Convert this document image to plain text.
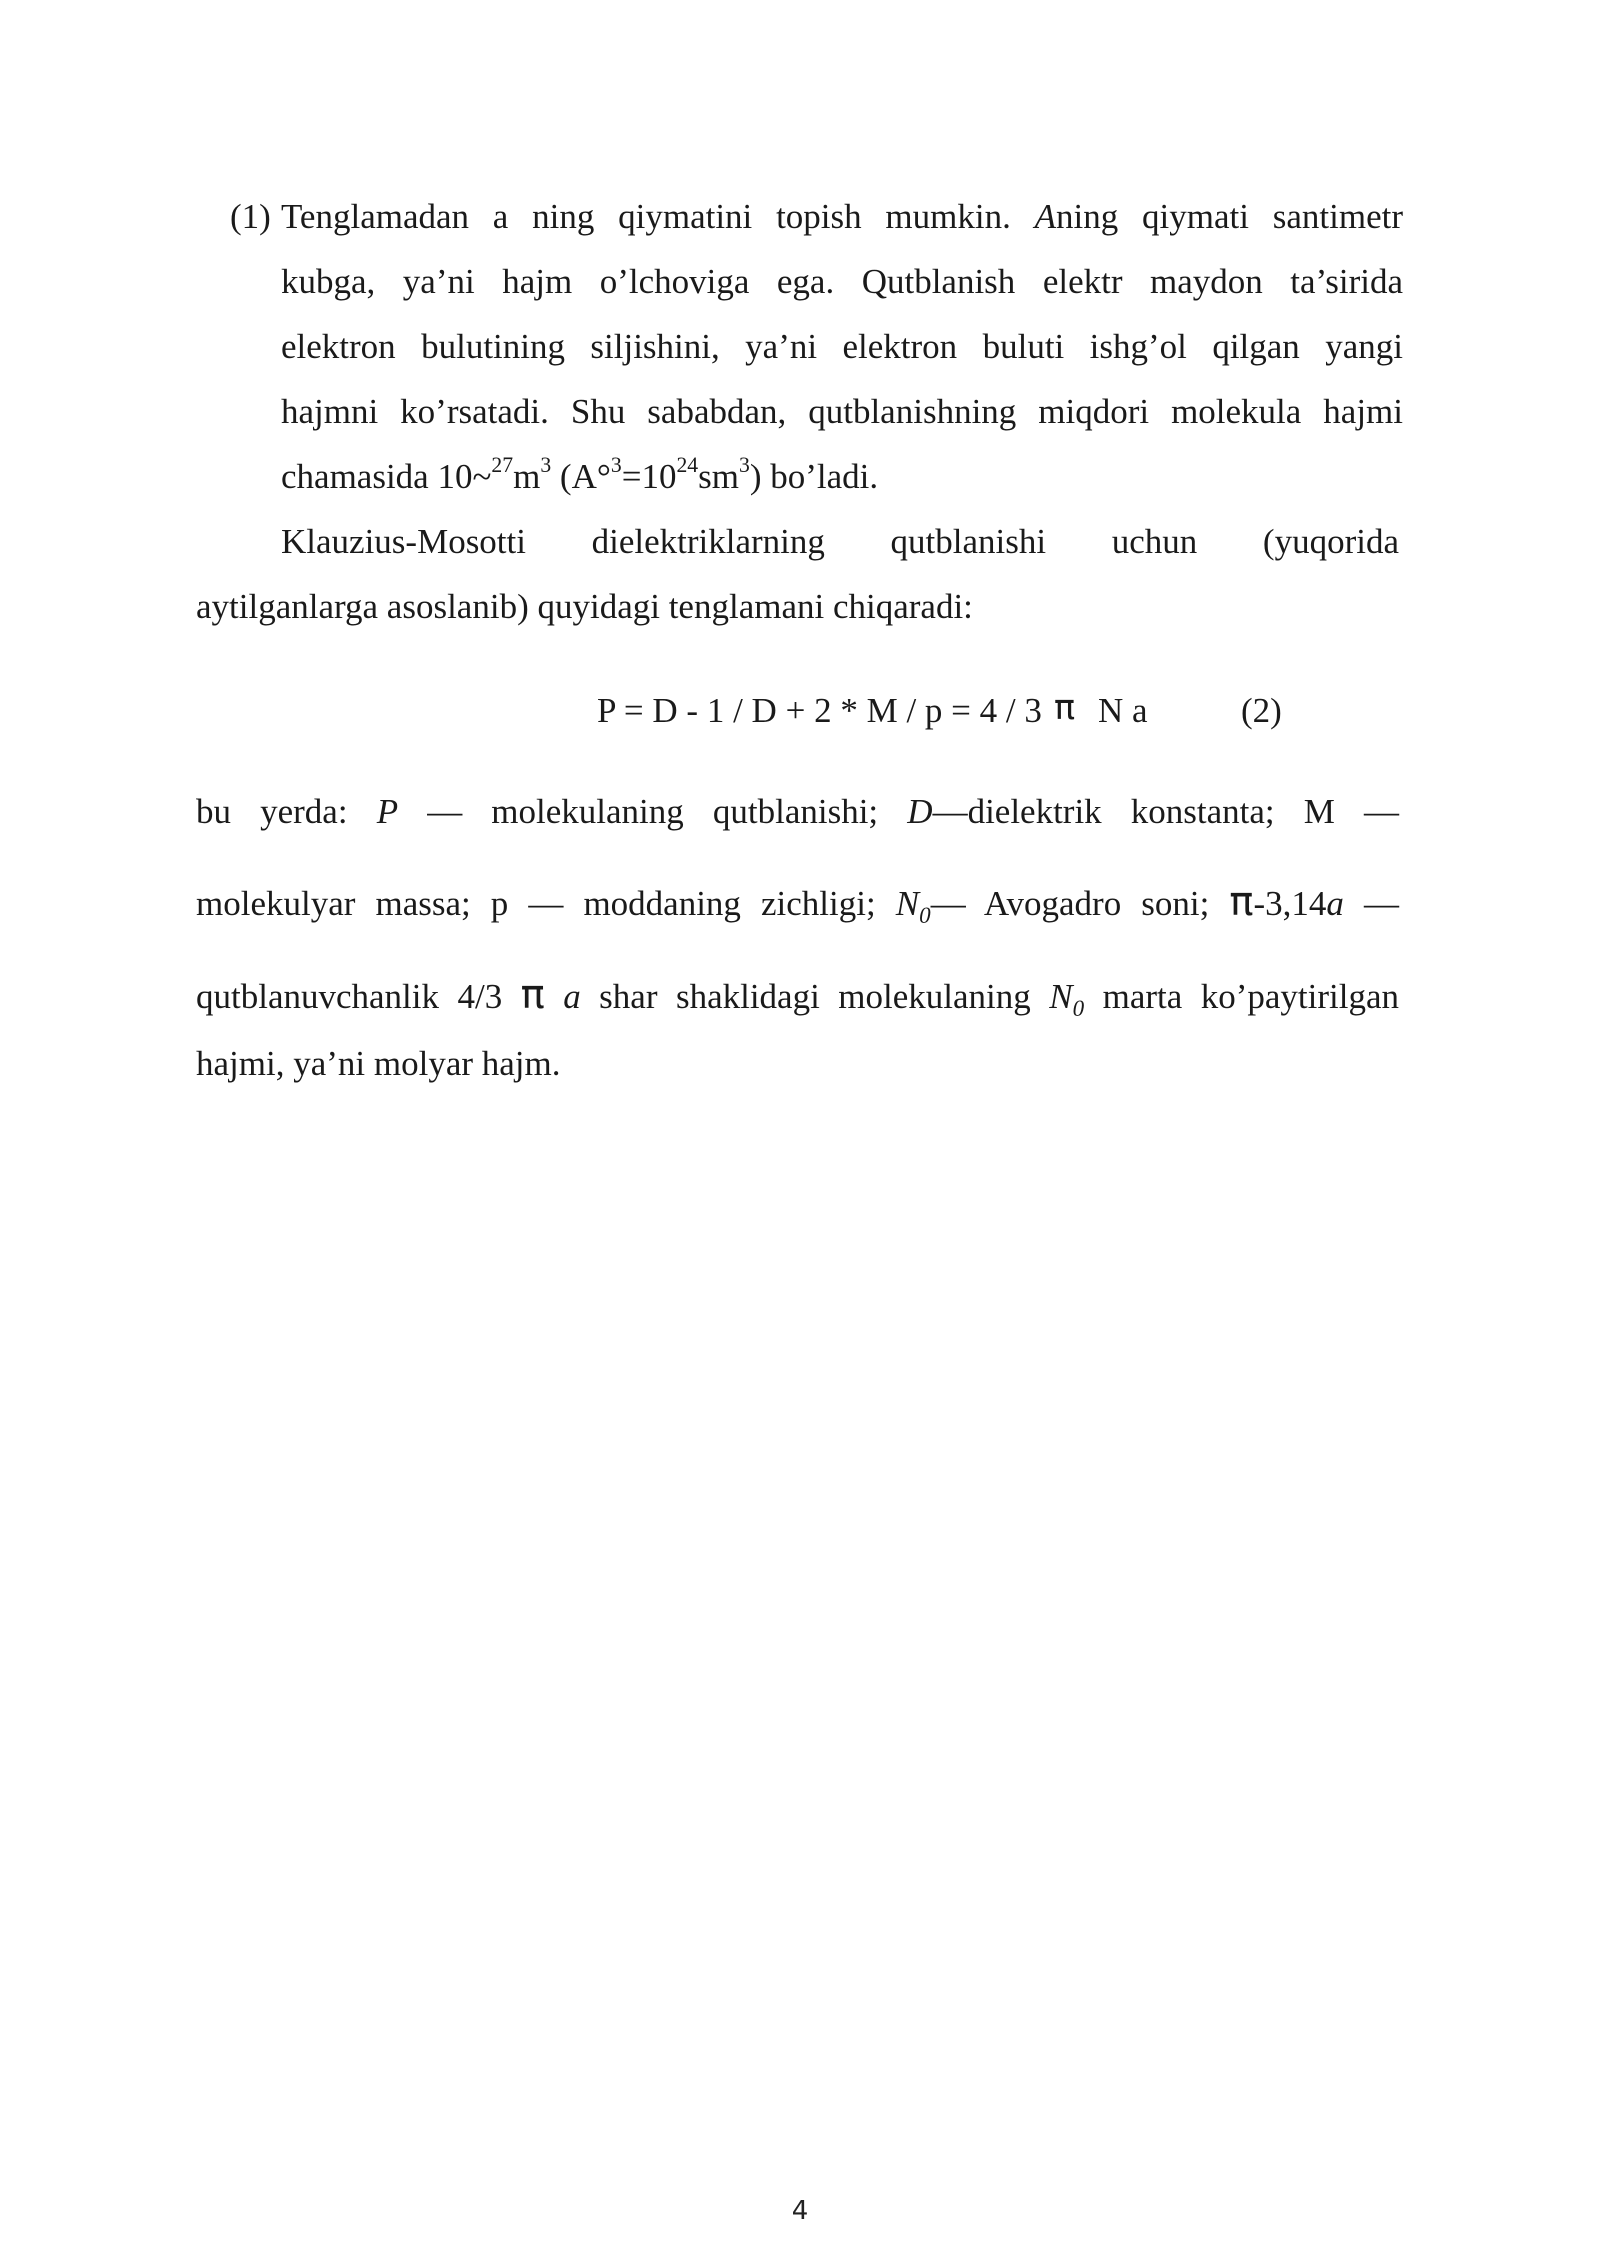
(1) Tenglamadan a ning qiymatini topish mumkin. Aning qiymati santimetr
kubga, ya’ni hajm o’lchoviga ega. Qutblanish elektr maydon ta’sirida
elektron bulutining siljishini, ya’ni elektron buluti ishg’ol qilgan yangi
hajmni ko’rsatadi. Shu sababdan, qutblanishning miqdori molekula hajmi
chamasida $10\sim^{27}m^3$ $(A^\circ^3=10^{24}sm^3)$ bo’ladi.
Klauzius-Mosotti dielektriklarning qutblanishi uchun (yuqorida
aytilganlarga asoslanib) quyidagi tenglamani chiqaradi:
P = D - 1 / D + 2 * M / p = 4 / 3 π N a	(2)
bu yerda: P — molekulaning qutblanishi; D—dielektrik konstanta; M —
molekulyar massa; p — moddaning zichligi; $N_0—$ Avogadro soni; π-3,14a —
qutblanuvchanlik 4/3 π a shar shaklidagi molekulaning $N_0$ marta ko’paytirilgan
hajmi, ya’ni molyar hajm.
4
